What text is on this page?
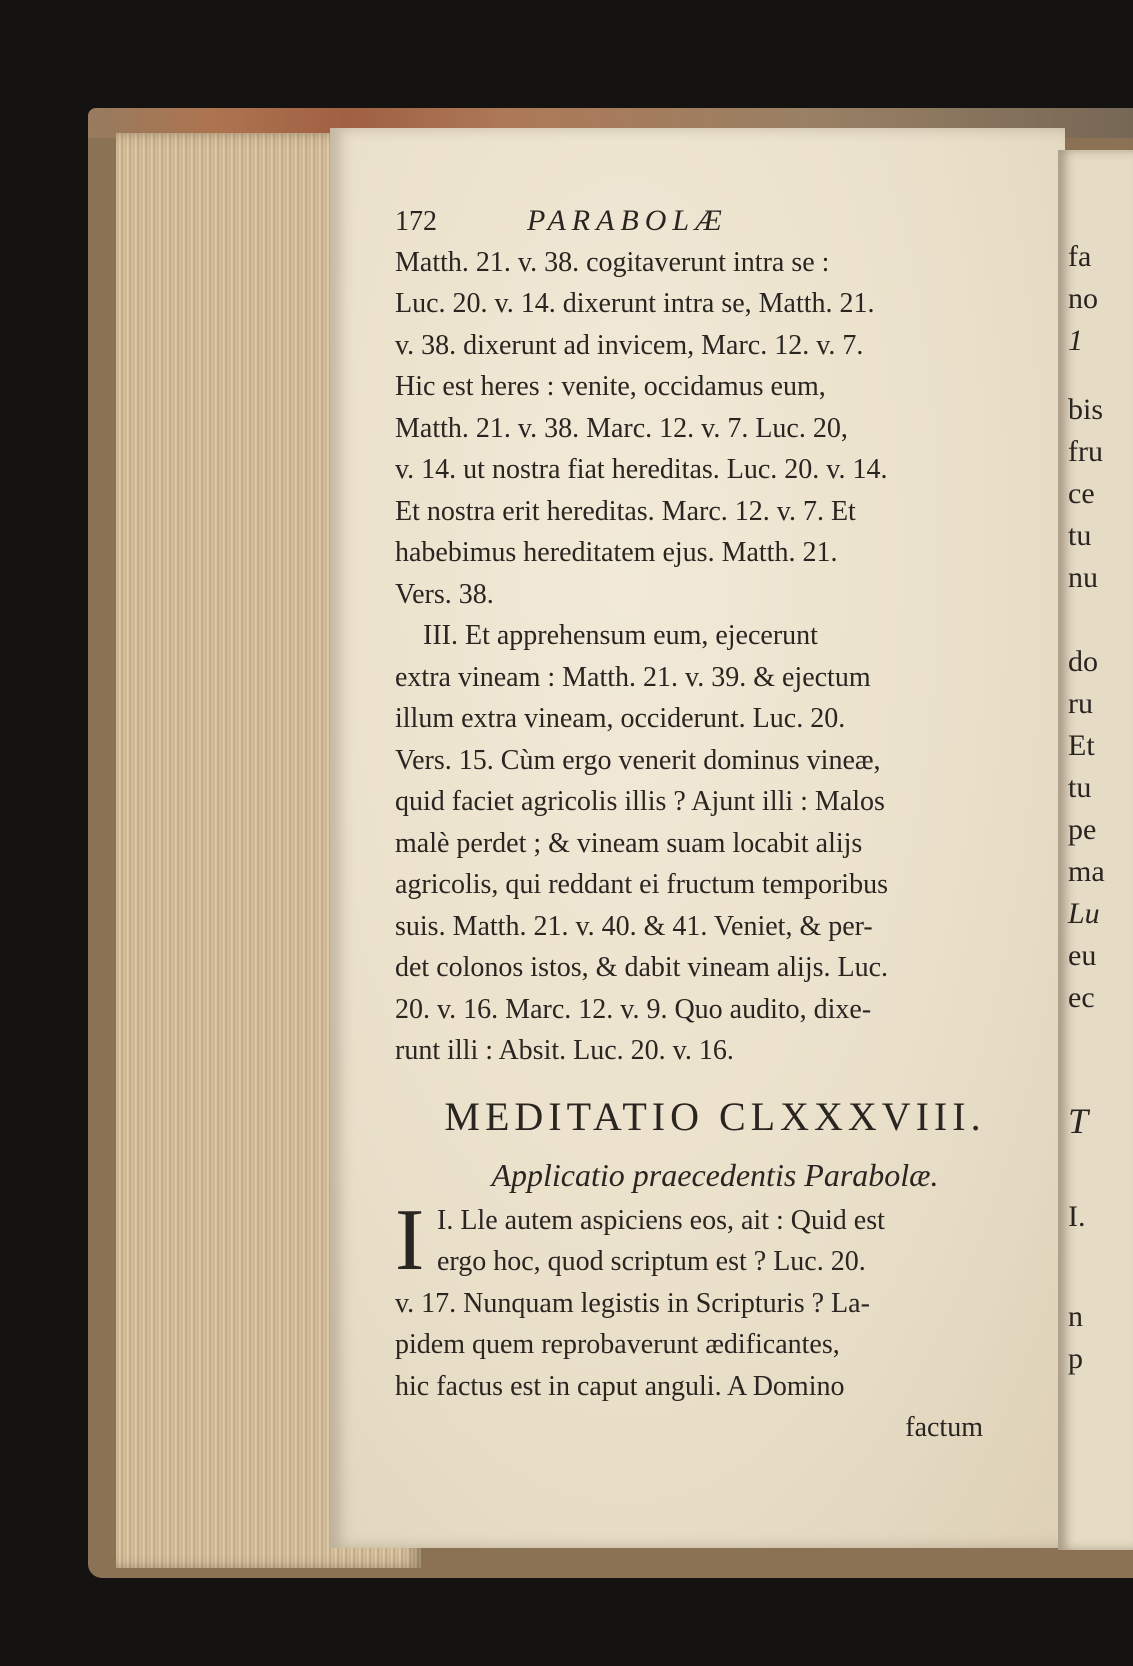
fa
no
1
bis
fru
ce
tu
nu
do
ru
Et
tu
pe
ma
Lu
eu
ec
T
I.
n
p
172	PARABOLÆ
Matth. 21. v. 38. cogitaverunt intra se :
Luc. 20. v. 14. dixerunt intra se, Matth. 21.
v. 38. dixerunt ad invicem, Marc. 12. v. 7.
Hic est heres : venite, occidamus eum,
Matth. 21. v. 38. Marc. 12. v. 7. Luc. 20,
v. 14. ut nostra fiat hereditas. Luc. 20. v. 14.
Et nostra erit hereditas. Marc. 12. v. 7. Et
habebimus hereditatem ejus. Matth. 21.
Vers. 38.
III. Et apprehensum eum, ejecerunt
extra vineam : Matth. 21. v. 39. & ejectum
illum extra vineam, occiderunt. Luc. 20.
Vers. 15. Cùm ergo venerit dominus vineæ,
quid faciet agricolis illis ? Ajunt illi : Malos
malè perdet ; & vineam suam locabit alijs
agricolis, qui reddant ei fructum temporibus
suis. Matth. 21. v. 40. & 41. Veniet, & per-
det colonos istos, & dabit vineam alijs. Luc.
20. v. 16. Marc. 12. v. 9. Quo audito, dixe-
runt illi : Absit. Luc. 20. v. 16.
MEDITATIO CLXXXVIII.
Applicatio praecedentis Parabolæ.
I I. Lle autem aspiciens eos, ait : Quid est
ergo hoc, quod scriptum est ? Luc. 20.
v. 17. Nunquam legistis in Scripturis ? La-
pidem quem reprobaverunt ædificantes,
hic factus est in caput anguli. A Domino
factum
